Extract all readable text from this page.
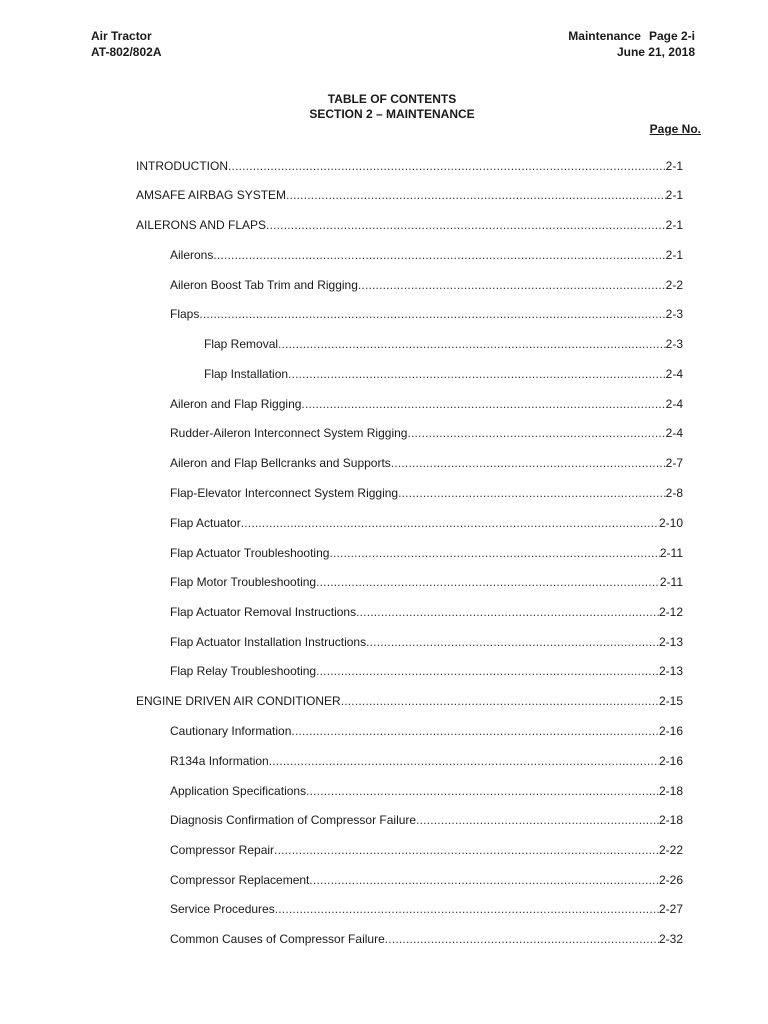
Air Tractor
AT-802/802A
Maintenance Page 2-i
June 21, 2018
TABLE OF CONTENTS
SECTION 2 – MAINTENANCE
Page No.
INTRODUCTION .....	2-1
AMSAFE AIRBAG SYSTEM .....	2-1
AILERONS AND FLAPS .....	2-1
Ailerons .....	2-1
Aileron Boost Tab Trim and Rigging .....	2-2
Flaps .....	2-3
Flap Removal .....	2-3
Flap Installation .....	2-4
Aileron and Flap Rigging .....	2-4
Rudder-Aileron Interconnect System Rigging .....	2-4
Aileron and Flap Bellcranks and Supports .....	2-7
Flap-Elevator Interconnect System Rigging .....	2-8
Flap Actuator .....	2-10
Flap Actuator Troubleshooting .....	2-11
Flap Motor Troubleshooting .....	2-11
Flap Actuator Removal Instructions .....	2-12
Flap Actuator Installation Instructions .....	2-13
Flap Relay Troubleshooting .....	2-13
ENGINE DRIVEN AIR CONDITIONER .....	2-15
Cautionary Information .....	2-16
R134a Information .....	2-16
Application Specifications .....	2-18
Diagnosis Confirmation of Compressor Failure .....	2-18
Compressor Repair .....	2-22
Compressor Replacement .....	2-26
Service Procedures .....	2-27
Common Causes of Compressor Failure .....	2-32
